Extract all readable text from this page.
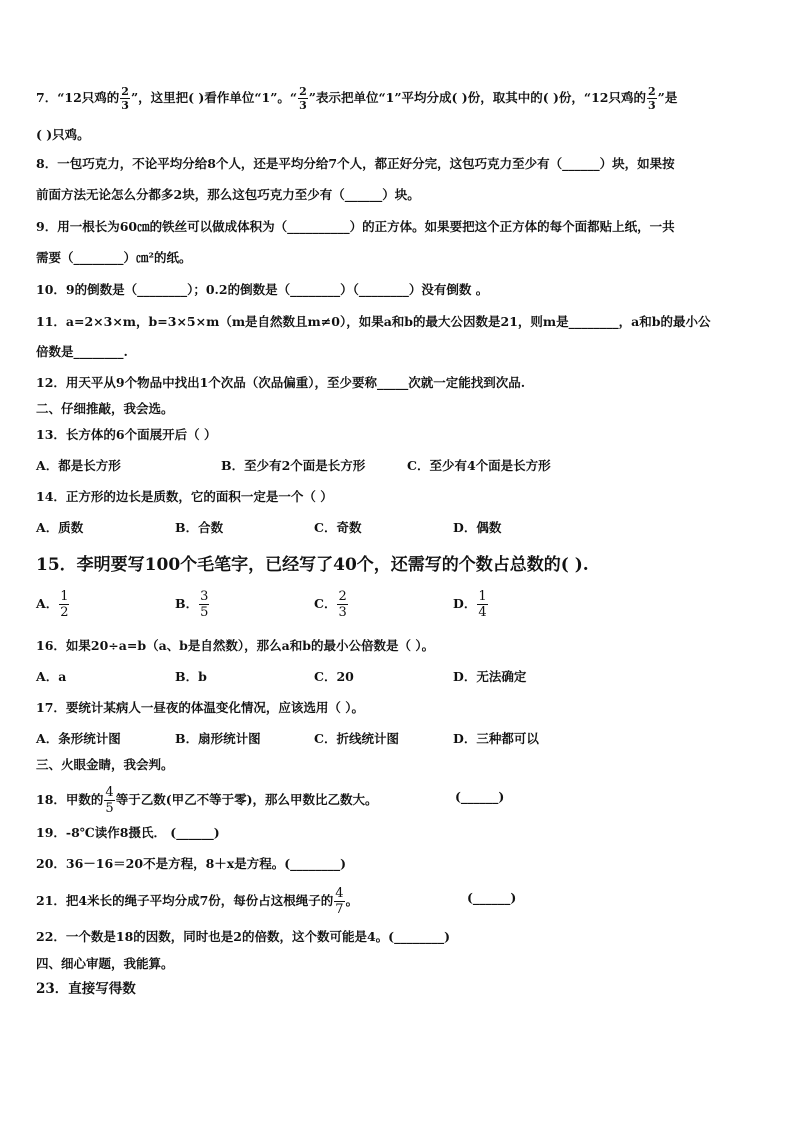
7．“12只鸡的 $\frac{2}{3}$ ”，这里把( )看作单位“1”。“ $\frac{2}{3}$ ”表示把单位“1”平均分成( )份，取其中的( )份，“12只鸡的 $\frac{2}{3}$ ”是
( )只鸡。
8．一包巧克力，不论平均分给8个人，还是平均分给7个人，都正好分完，这包巧克力至少有（______）块，如果按
前面方法无论怎么分都多2块，那么这包巧克力至少有（______）块。
9．用一根长为60㎝的铁丝可以做成体积为（__________）的正方体。如果要把这个正方体的每个面都贴上纸，一共
需要（________）㎝²的纸。
10．9的倒数是（________）；0.2的倒数是（________）（________）没有倒数 。
11．a=2×3×m，b=3×5×m（m是自然数且m≠0），如果a和b的最大公因数是21，则m是________，a和b的最小公
倍数是________.
12．用天平从9个物品中找出1个次品（次品偏重），至少要称_____次就一定能找到次品.
二、仔细推敲，我会选。
13．长方体的6个面展开后（ ）
A．都是长方形	B．至少有2个面是长方形	C．至少有4个面是长方形
14．正方形的边长是质数，它的面积一定是一个（ ）
A．质数	B．合数	C．奇数	D．偶数
15．李明要写100个毛笔字，已经写了40个，还需写的个数占总数的( ).
A． $\frac{1}{2}$	B． $\frac{3}{5}$	C． $\frac{2}{3}$	D． $\frac{1}{4}$
16．如果20÷a=b（a、b是自然数），那么a和b的最小公倍数是（ ）。
A．a	B．b	C．20	D．无法确定
17．要统计某病人一昼夜的体温变化情况，应该选用（ ）。
A．条形统计图	B．扇形统计图	C．折线统计图	D．三种都可以
三、火眼金睛，我会判。
18．甲数的 $\frac{4}{5}$ 等于乙数(甲乙不等于零)，那么甲数比乙数大。	(______)
19．-8℃读作8摄氏． (______)
20．36－16＝20不是方程，8＋x是方程。(________)
21．把4米长的绳子平均分成7份，每份占这根绳子的 $\frac{4}{7}$ 。	(______)
22．一个数是18的因数，同时也是2的倍数，这个数可能是4。(________)
四、细心审题，我能算。
23．直接写得数
